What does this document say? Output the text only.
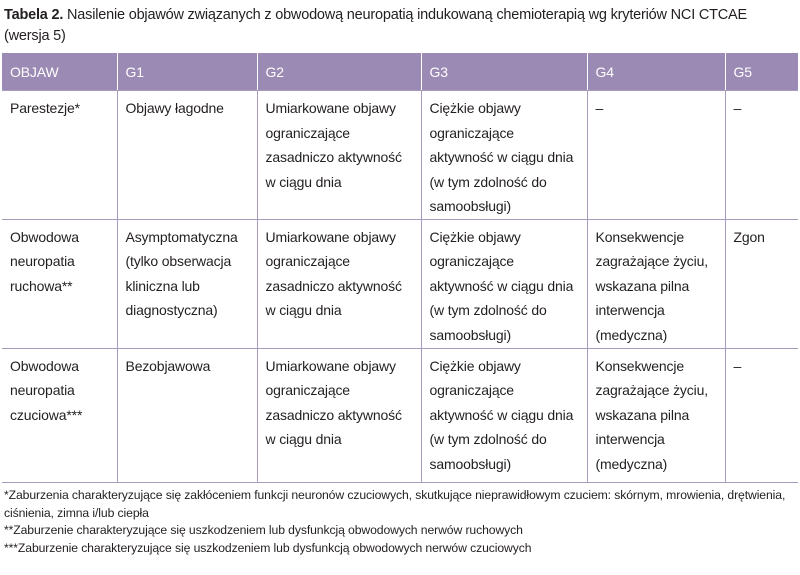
Tabela 2. Nasilenie objawów związanych z obwodową neuropatią indukowaną chemioterapią wg kryteriów NCI CTCAE (wersja 5)
OBJAW	G1	G2	G3	G4	G5
Parestezje*	Objawy łagodne	Umiarkowane objawy ograniczające zasadniczo aktywność w ciągu dnia	Ciężkie objawy ograniczające aktywność w ciągu dnia (w tym zdolność do samoobsługi)	–	–
Obwodowa neuropatia ruchowa**	Asymptomatyczna (tylko obserwacja kliniczna lub diagnostyczna)	Umiarkowane objawy ograniczające zasadniczo aktywność w ciągu dnia	Ciężkie objawy ograniczające aktywność w ciągu dnia (w tym zdolność do samoobsługi)	Konsekwencje zagrażające życiu, wskazana pilna interwencja (medyczna)	Zgon
Obwodowa neuropatia czuciowa***	Bezobjawowa	Umiarkowane objawy ograniczające zasadniczo aktywność w ciągu dnia	Ciężkie objawy ograniczające aktywność w ciągu dnia (w tym zdolność do samoobsługi)	Konsekwencje zagrażające życiu, wskazana pilna interwencja (medyczna)	–

*Zaburzenia charakteryzujące się zakłóceniem funkcji neuronów czuciowych, skutkujące nieprawidłowym czuciem: skórnym, mrowienia, drętwienia, ciśnienia, zimna i/lub ciepła

**Zaburzenie charakteryzujące się uszkodzeniem lub dysfunkcją obwodowych nerwów ruchowych

***Zaburzenie charakteryzujące się uszkodzeniem lub dysfunkcją obwodowych nerwów czuciowych
